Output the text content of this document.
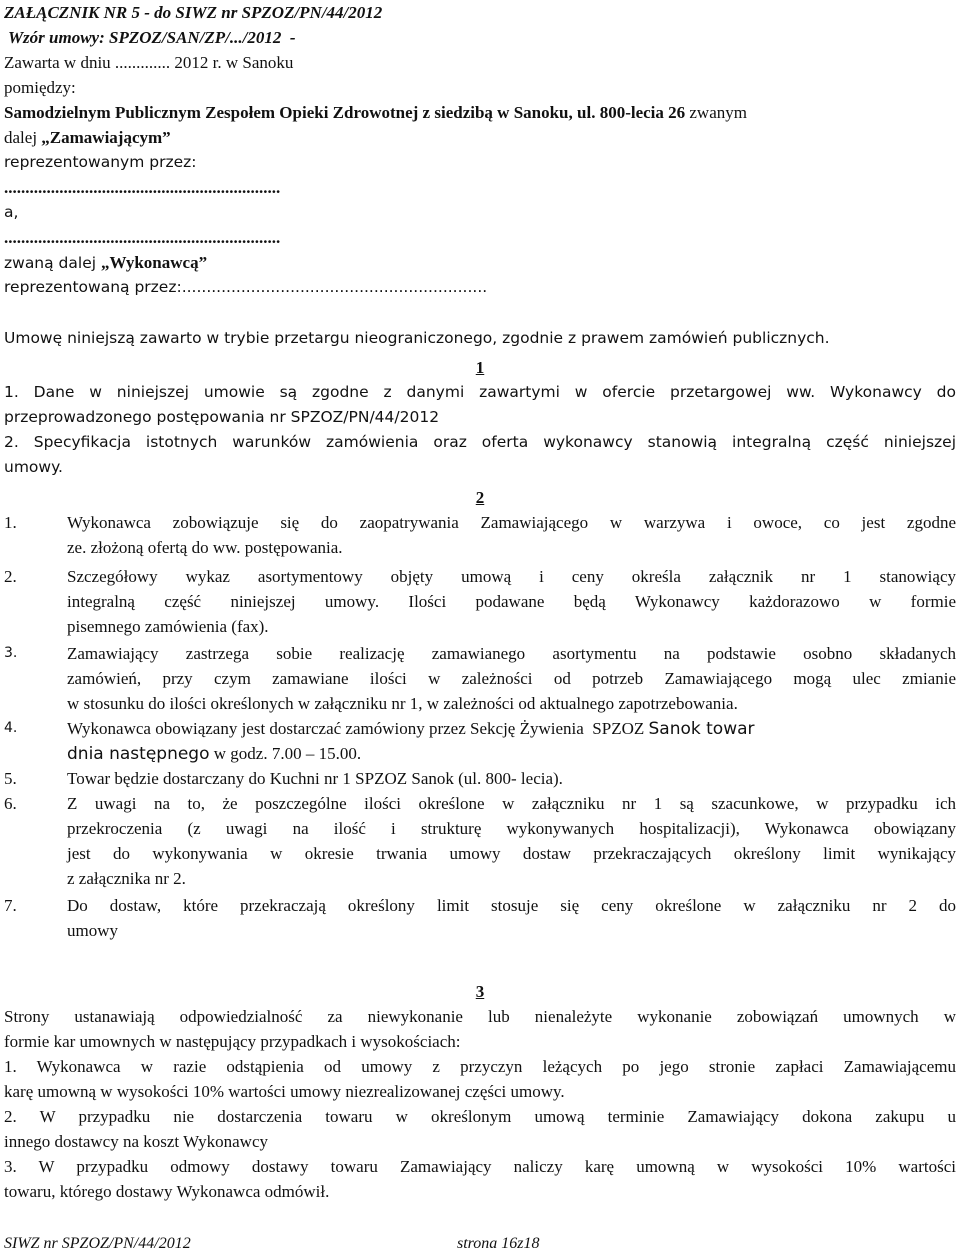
ZAŁĄCZNIK NR 5 - do SIWZ nr SPZOZ/PN/44/2012
Wzór umowy: SPZOZ/SAN/ZP/.../2012  -
Zawarta w dniu ............. 2012 r. w Sanoku
pomiędzy:
Samodzielnym Publicznym Zespołem Opieki Zdrowotnej z siedzibą w Sanoku, ul. 800-lecia 26 zwanym
dalej „Zamawiającym”
reprezentowanym przez:
.................................................................
a,
.................................................................
zwaną dalej „Wykonawcą”
reprezentowaną przez:..............................................................
Umowę niniejszą zawarto w trybie przetargu nieograniczonego, zgodnie z prawem zamówień publicznych.
1
1. Dane w niniejszej umowie są zgodne z danymi zawartymi w ofercie przetargowej ww. Wykonawcy do
przeprowadzonego postępowania nr SPZOZ/PN/44/2012
2. Specyfikacja istotnych warunków zamówienia oraz oferta wykonawcy stanowią integralną część niniejszej
umowy.
2
1.	Wykonawca zobowiązuje się do zaopatrywania Zamawiającego w warzywa i owoce, co jest zgodne
ze. złożoną ofertą do ww. postępowania.
2.	Szczegółowy wykaz asortymentowy objęty umową i ceny określa załącznik nr 1 stanowiący
integralną część niniejszej umowy. Ilości podawane będą Wykonawcy każdorazowo w formie
pisemnego zamówienia (fax).
3.	Zamawiający zastrzega sobie realizację zamawianego asortymentu na podstawie osobno składanych
zamówień, przy czym zamawiane ilości w zależności od potrzeb Zamawiającego mogą ulec zmianie
w stosunku do ilości określonych w załączniku nr 1, w zależności od aktualnego zapotrzebowania.
4.	Wykonawca obowiązany jest dostarczać zamówiony przez Sekcję Żywienia  SPZOZ Sanok towar
dnia następnego w godz. 7.00 – 15.00.
5.	Towar będzie dostarczany do Kuchni nr 1 SPZOZ Sanok (ul. 800- lecia).
6.	Z uwagi na to, że poszczególne ilości określone w załączniku nr 1 są szacunkowe, w przypadku ich
przekroczenia (z uwagi na ilość i strukturę wykonywanych hospitalizacji), Wykonawca obowiązany
jest do wykonywania w okresie trwania umowy dostaw przekraczających określony limit wynikający
z załącznika nr 2.
7.	Do dostaw, które przekraczają określony limit stosuje się ceny określone w załączniku nr 2 do
umowy
3
Strony ustanawiają odpowiedzialność za niewykonanie lub nienależyte wykonanie zobowiązań umownych w
formie kar umownych w następujący przypadkach i wysokościach:
1. Wykonawca w razie odstąpienia od umowy z przyczyn leżących po jego stronie zapłaci Zamawiającemu
karę umowną w wysokości 10% wartości umowy niezrealizowanej części umowy.
2. W przypadku nie dostarczenia towaru w określonym umową terminie Zamawiający dokona zakupu u
innego dostawcy na koszt Wykonawcy
3. W przypadku odmowy dostawy towaru Zamawiający naliczy karę umowną w wysokości 10% wartości
towaru, którego dostawy Wykonawca odmówił.
SIWZ nr SPZOZ/PN/44/2012	strona 16z18
